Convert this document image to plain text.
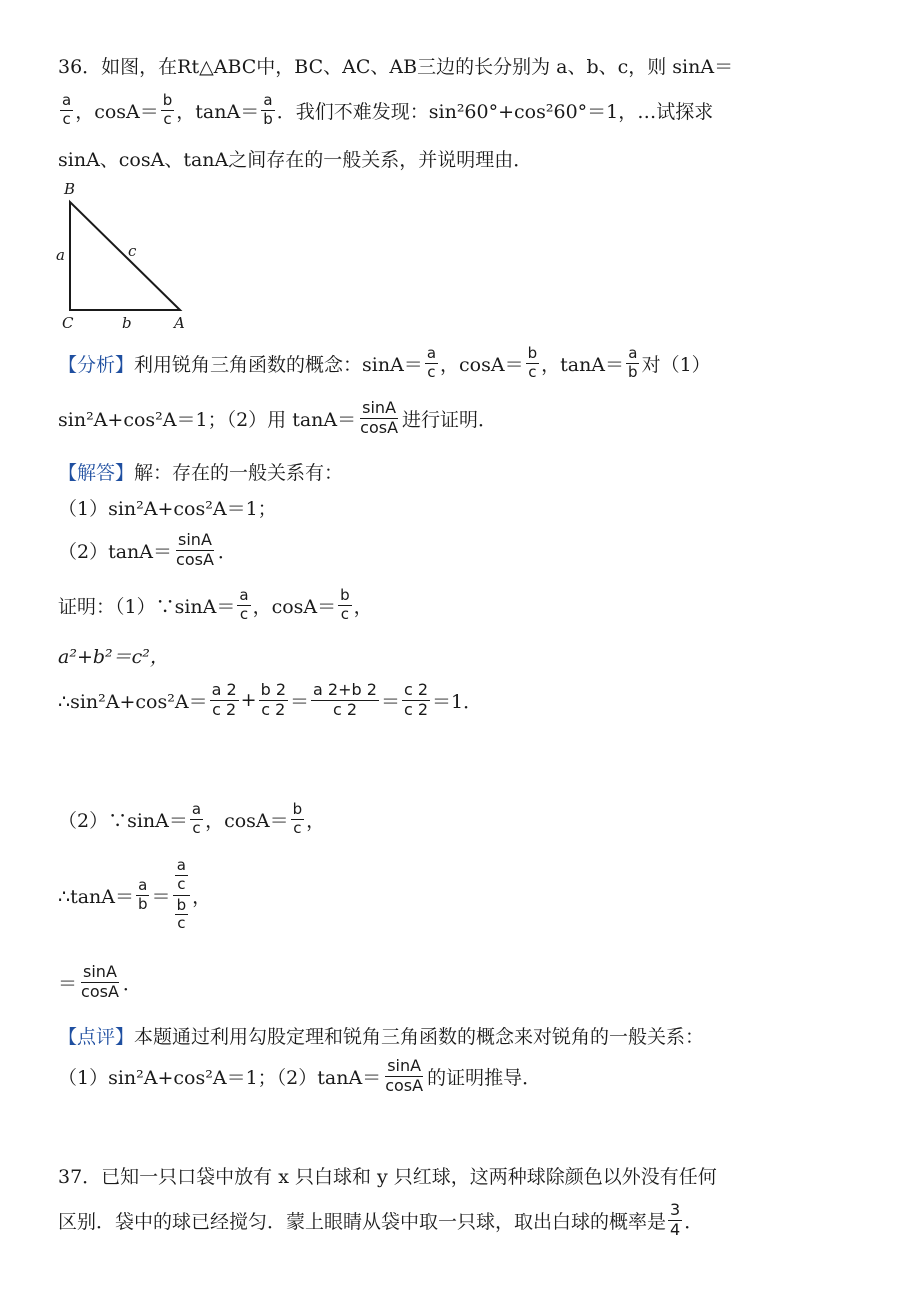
36．如图，在Rt△ABC中，BC、AC、AB三边的长分别为 a、b、c，则 sinA＝
$\frac{a}{c}$ ，$\cos A= \frac{b}{c}$ ，$\tan A= \frac{a}{b}$ ．我们不难发现：sin²60°+cos²60°＝1，…试探求
sinA、cosA、tanA之间存在的一般关系，并说明理由．
B
C	A
a
b
c
【分析】 利用锐角三角函数的概念：$\sin A= \frac{a}{c}$ ，$\cos A= \frac{b}{c}$ ，$\tan A= \frac{a}{b}$ 对（1）
sin²A+cos²A＝1；（2）用 $\tan A= \frac{\sin A}{\cos A}$ 进行证明．
【解答】 解：存在的一般关系有：
（1）sin²A+cos²A＝1；
$(2)\tan A= \frac{\sin A}{\cos A}$ ．
证明：（1）∵sinA＝ $\frac{a}{c}$ ，$\cos A= \frac{b}{c}$ ，
a²+b²＝c²，
∴sin²A+cos²A＝ $\frac{a 2}{c 2} + \frac{b 2}{c 2} = \frac{a 2+b 2}{c 2} = \frac{c 2}{c 2} =1$．
（2）∵sinA＝ $\frac{a}{c}$ ，$\cos A= \frac{b}{c}$ ，
∴tanA＝ $\frac{a}{b}$ ＝
$\frac{a}{c}$
$\frac{b}{c}$
，
＝ $\frac{\sin A}{\cos A}$ ．
【点评】 本题通过利用勾股定理和锐角三角函数的概念来对锐角的一般关系：
（1）sin²A+cos²A＝1；$(2)\tan A= \frac{\sin A}{\cos A}$ 的证明推导．
37．已知一只口袋中放有 x 只白球和 y 只红球，这两种球除颜色以外没有任何
区别．袋中的球已经搅匀．蒙上眼睛从袋中取一只球，取出白球的概率是 $\frac{3}{4}$ ．
